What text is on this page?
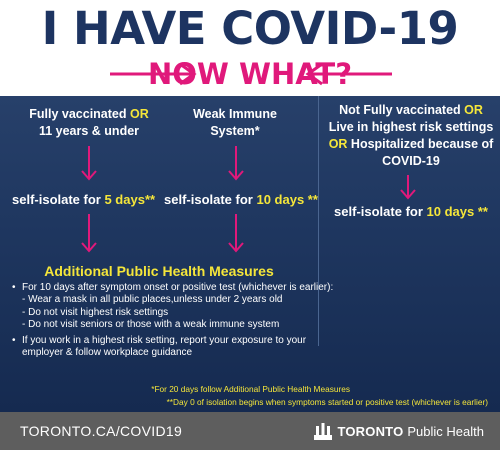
I HAVE COVID-19
NOW WHAT?
Fully vaccinated OR
11 years & under
self-isolate for 5 days**
Weak Immune System*
self-isolate for 10 days **
Not Fully vaccinated OR
Live in highest risk settings
OR Hospitalized because of COVID-19
self-isolate for 10 days **
Additional Public Health Measures
• For 10 days after symptom onset or positive test (whichever is earlier):
- Wear a mask in all public places,unless under 2 years old
- Do not visit highest risk settings
- Do not visit seniors or those with a weak immune system
• If you work in a highest risk setting, report your exposure to your employer & follow workplace guidance
*For 20 days follow Additional Public Health Measures
**Day 0 of isolation begins when symptoms started or positive test (whichever is earlier)
TORONTO.CA/COVID19	TORONTO Public Health
